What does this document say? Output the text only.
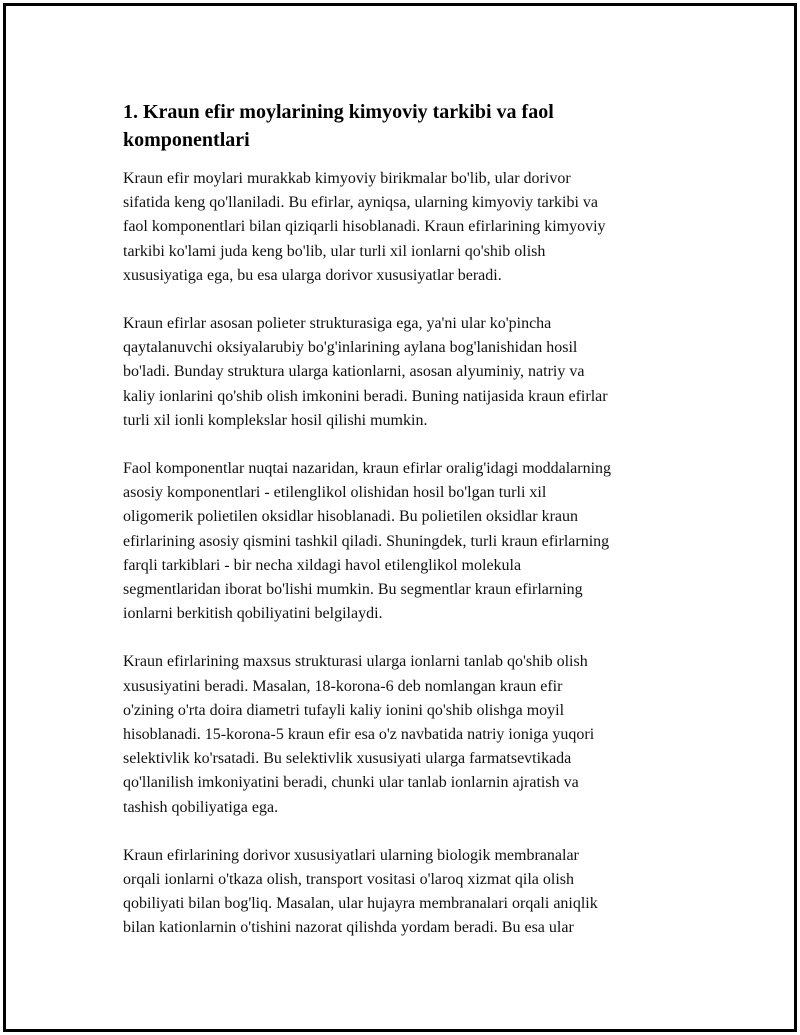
1. Kraun efir moylarining kimyoviy tarkibi va faol
komponentlari

Kraun efir moylari murakkab kimyoviy birikmalar bo'lib, ular dorivor
sifatida keng qo'llaniladi. Bu efirlar, ayniqsa, ularning kimyoviy tarkibi va
faol komponentlari bilan qiziqarli hisoblanadi. Kraun efirlarining kimyoviy
tarkibi ko'lami juda keng bo'lib, ular turli xil ionlarni qo'shib olish
xususiyatiga ega, bu esa ularga dorivor xususiyatlar beradi.

Kraun efirlar asosan polieter strukturasiga ega, ya'ni ular ko'pincha
qaytalanuvchi oksiyalarubiy bo'g'inlarining aylana bog'lanishidan hosil
bo'ladi. Bunday struktura ularga kationlarni, asosan alyuminiy, natriy va
kaliy ionlarini qo'shib olish imkonini beradi. Buning natijasida kraun efirlar
turli xil ionli komplekslar hosil qilishi mumkin.

Faol komponentlar nuqtai nazaridan, kraun efirlar oralig'idagi moddalarning
asosiy komponentlari - etilenglikol olishidan hosil bo'lgan turli xil
oligomerik polietilen oksidlar hisoblanadi. Bu polietilen oksidlar kraun
efirlarining asosiy qismini tashkil qiladi. Shuningdek, turli kraun efirlarning
farqli tarkiblari - bir necha xildagi havol etilenglikol molekula
segmentlaridan iborat bo'lishi mumkin. Bu segmentlar kraun efirlarning
ionlarni berkitish qobiliyatini belgilaydi.

Kraun efirlarining maxsus strukturasi ularga ionlarni tanlab qo'shib olish
xususiyatini beradi. Masalan, 18-korona-6 deb nomlangan kraun efir
o'zining o'rta doira diametri tufayli kaliy ionini qo'shib olishga moyil
hisoblanadi. 15-korona-5 kraun efir esa o'z navbatida natriy ioniga yuqori
selektivlik ko'rsatadi. Bu selektivlik xususiyati ularga farmatsevtikada
qo'llanilish imkoniyatini beradi, chunki ular tanlab ionlarnin ajratish va
tashish qobiliyatiga ega.

Kraun efirlarining dorivor xususiyatlari ularning biologik membranalar
orqali ionlarni o'tkaza olish, transport vositasi o'laroq xizmat qila olish
qobiliyati bilan bog'liq. Masalan, ular hujayra membranalari orqali aniqlik
bilan kationlarnin o'tishini nazorat qilishda yordam beradi. Bu esa ular
